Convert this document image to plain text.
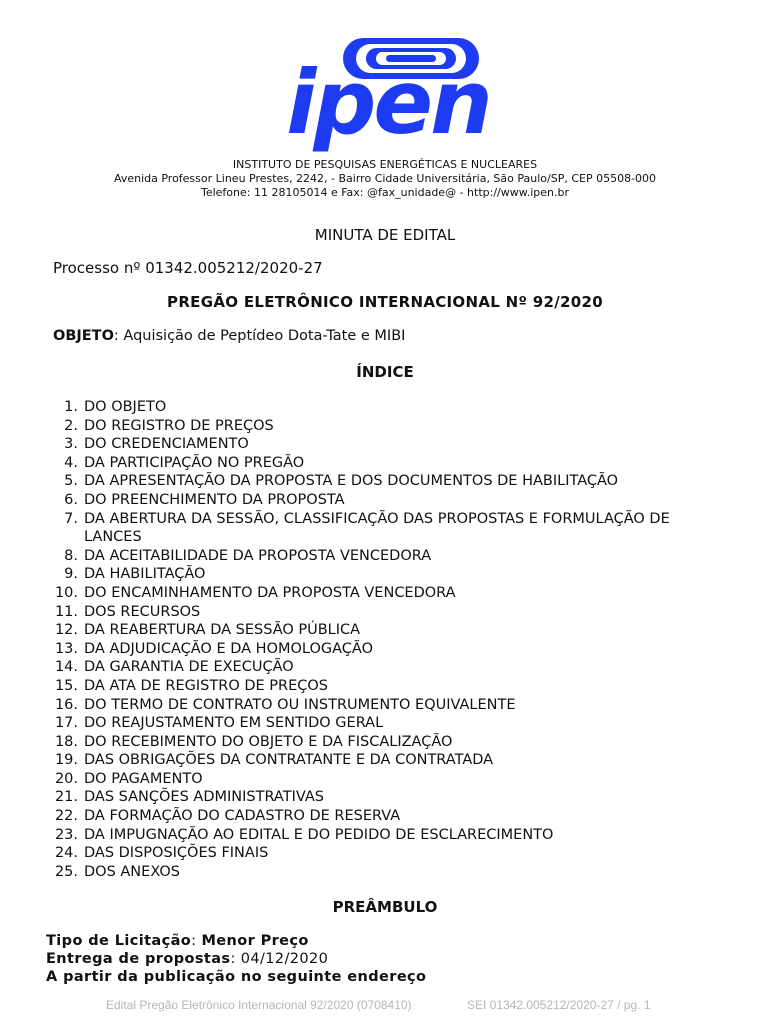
ipen
INSTITUTO DE PESQUISAS ENERGÉTICAS E NUCLEARES
Avenida Professor Lineu Prestes, 2242, - Bairro Cidade Universitária, São Paulo/SP, CEP 05508-000
Telefone: 11 28105014 e Fax: @fax_unidade@ - http://www.ipen.br
MINUTA DE EDITAL
Processo nº 01342.005212/2020-27
PREGÃO ELETRÔNICO INTERNACIONAL Nº 92/2020
OBJETO: Aquisição de Peptídeo Dota-Tate e MIBI
ÍNDICE
1. DO OBJETO
2. DO REGISTRO DE PREÇOS
3. DO CREDENCIAMENTO
4. DA PARTICIPAÇÃO NO PREGÃO
5. DA APRESENTAÇÃO DA PROPOSTA E DOS DOCUMENTOS DE HABILITAÇÃO
6. DO PREENCHIMENTO DA PROPOSTA
7. DA ABERTURA DA SESSÃO, CLASSIFICAÇÃO DAS PROPOSTAS E FORMULAÇÃO DE LANCES
8. DA ACEITABILIDADE DA PROPOSTA VENCEDORA
9. DA HABILITAÇÃO
10. DO ENCAMINHAMENTO DA PROPOSTA VENCEDORA
11. DOS RECURSOS
12. DA REABERTURA DA SESSÃO PÚBLICA
13. DA ADJUDICAÇÃO E DA HOMOLOGAÇÃO
14. DA GARANTIA DE EXECUÇÃO
15. DA ATA DE REGISTRO DE PREÇOS
16. DO TERMO DE CONTRATO OU INSTRUMENTO EQUIVALENTE
17. DO REAJUSTAMENTO EM SENTIDO GERAL
18. DO RECEBIMENTO DO OBJETO E DA FISCALIZAÇÃO
19. DAS OBRIGAÇÕES DA CONTRATANTE E DA CONTRATADA
20. DO PAGAMENTO
21. DAS SANÇÕES ADMINISTRATIVAS
22. DA FORMAÇÃO DO CADASTRO DE RESERVA
23. DA IMPUGNAÇÃO AO EDITAL E DO PEDIDO DE ESCLARECIMENTO
24. DAS DISPOSIÇÕES FINAIS
25. DOS ANEXOS
PREÂMBULO
Tipo de Licitação: Menor Preço
Entrega de propostas: 04/12/2020
A partir da publicação no seguinte endereço
Edital Pregão Eletrônico Internacional 92/2020 (0708410)	SEI 01342.005212/2020-27 / pg. 1
